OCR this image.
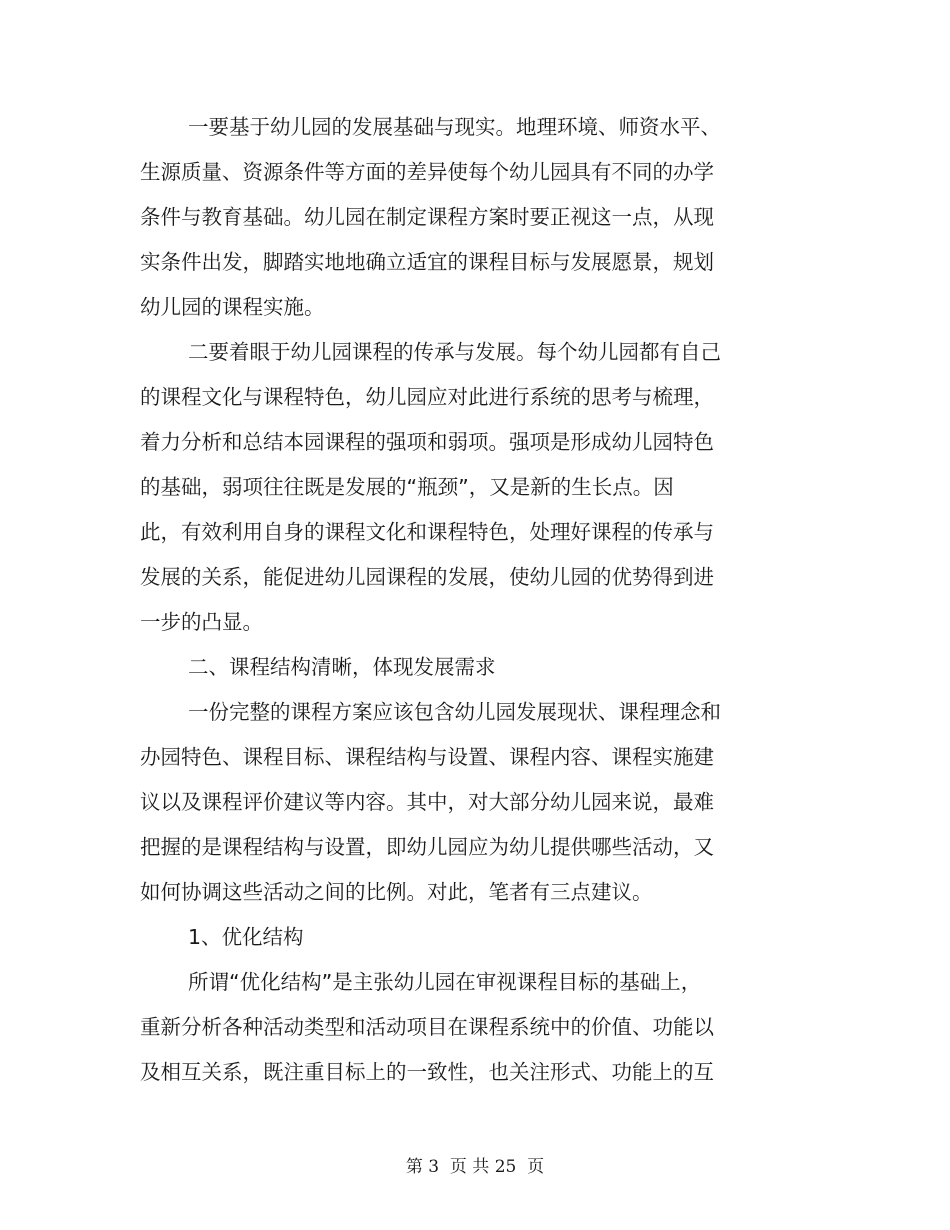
一要基于幼儿园的发展基础与现实。地理环境、师资水平、
生源质量、资源条件等方面的差异使每个幼儿园具有不同的办学
条件与教育基础。幼儿园在制定课程方案时要正视这一点，从现
实条件出发，脚踏实地地确立适宜的课程目标与发展愿景，规划
幼儿园的课程实施。
二要着眼于幼儿园课程的传承与发展。每个幼儿园都有自己
的课程文化与课程特色，幼儿园应对此进行系统的思考与梳理，
着力分析和总结本园课程的强项和弱项。强项是形成幼儿园特色
的基础，弱项往往既是发展的“瓶颈”，又是新的生长点。因
此，有效利用自身的课程文化和课程特色，处理好课程的传承与
发展的关系，能促进幼儿园课程的发展，使幼儿园的优势得到进
一步的凸显。
二、课程结构清晰，体现发展需求
一份完整的课程方案应该包含幼儿园发展现状、课程理念和
办园特色、课程目标、课程结构与设置、课程内容、课程实施建
议以及课程评价建议等内容。其中，对大部分幼儿园来说，最难
把握的是课程结构与设置，即幼儿园应为幼儿提供哪些活动，又
如何协调这些活动之间的比例。对此，笔者有三点建议。
1、优化结构
所谓“优化结构”是主张幼儿园在审视课程目标的基础上，
重新分析各种活动类型和活动项目在课程系统中的价值、功能以
及相互关系，既注重目标上的一致性，也关注形式、功能上的互
第 3  页 共 25  页
